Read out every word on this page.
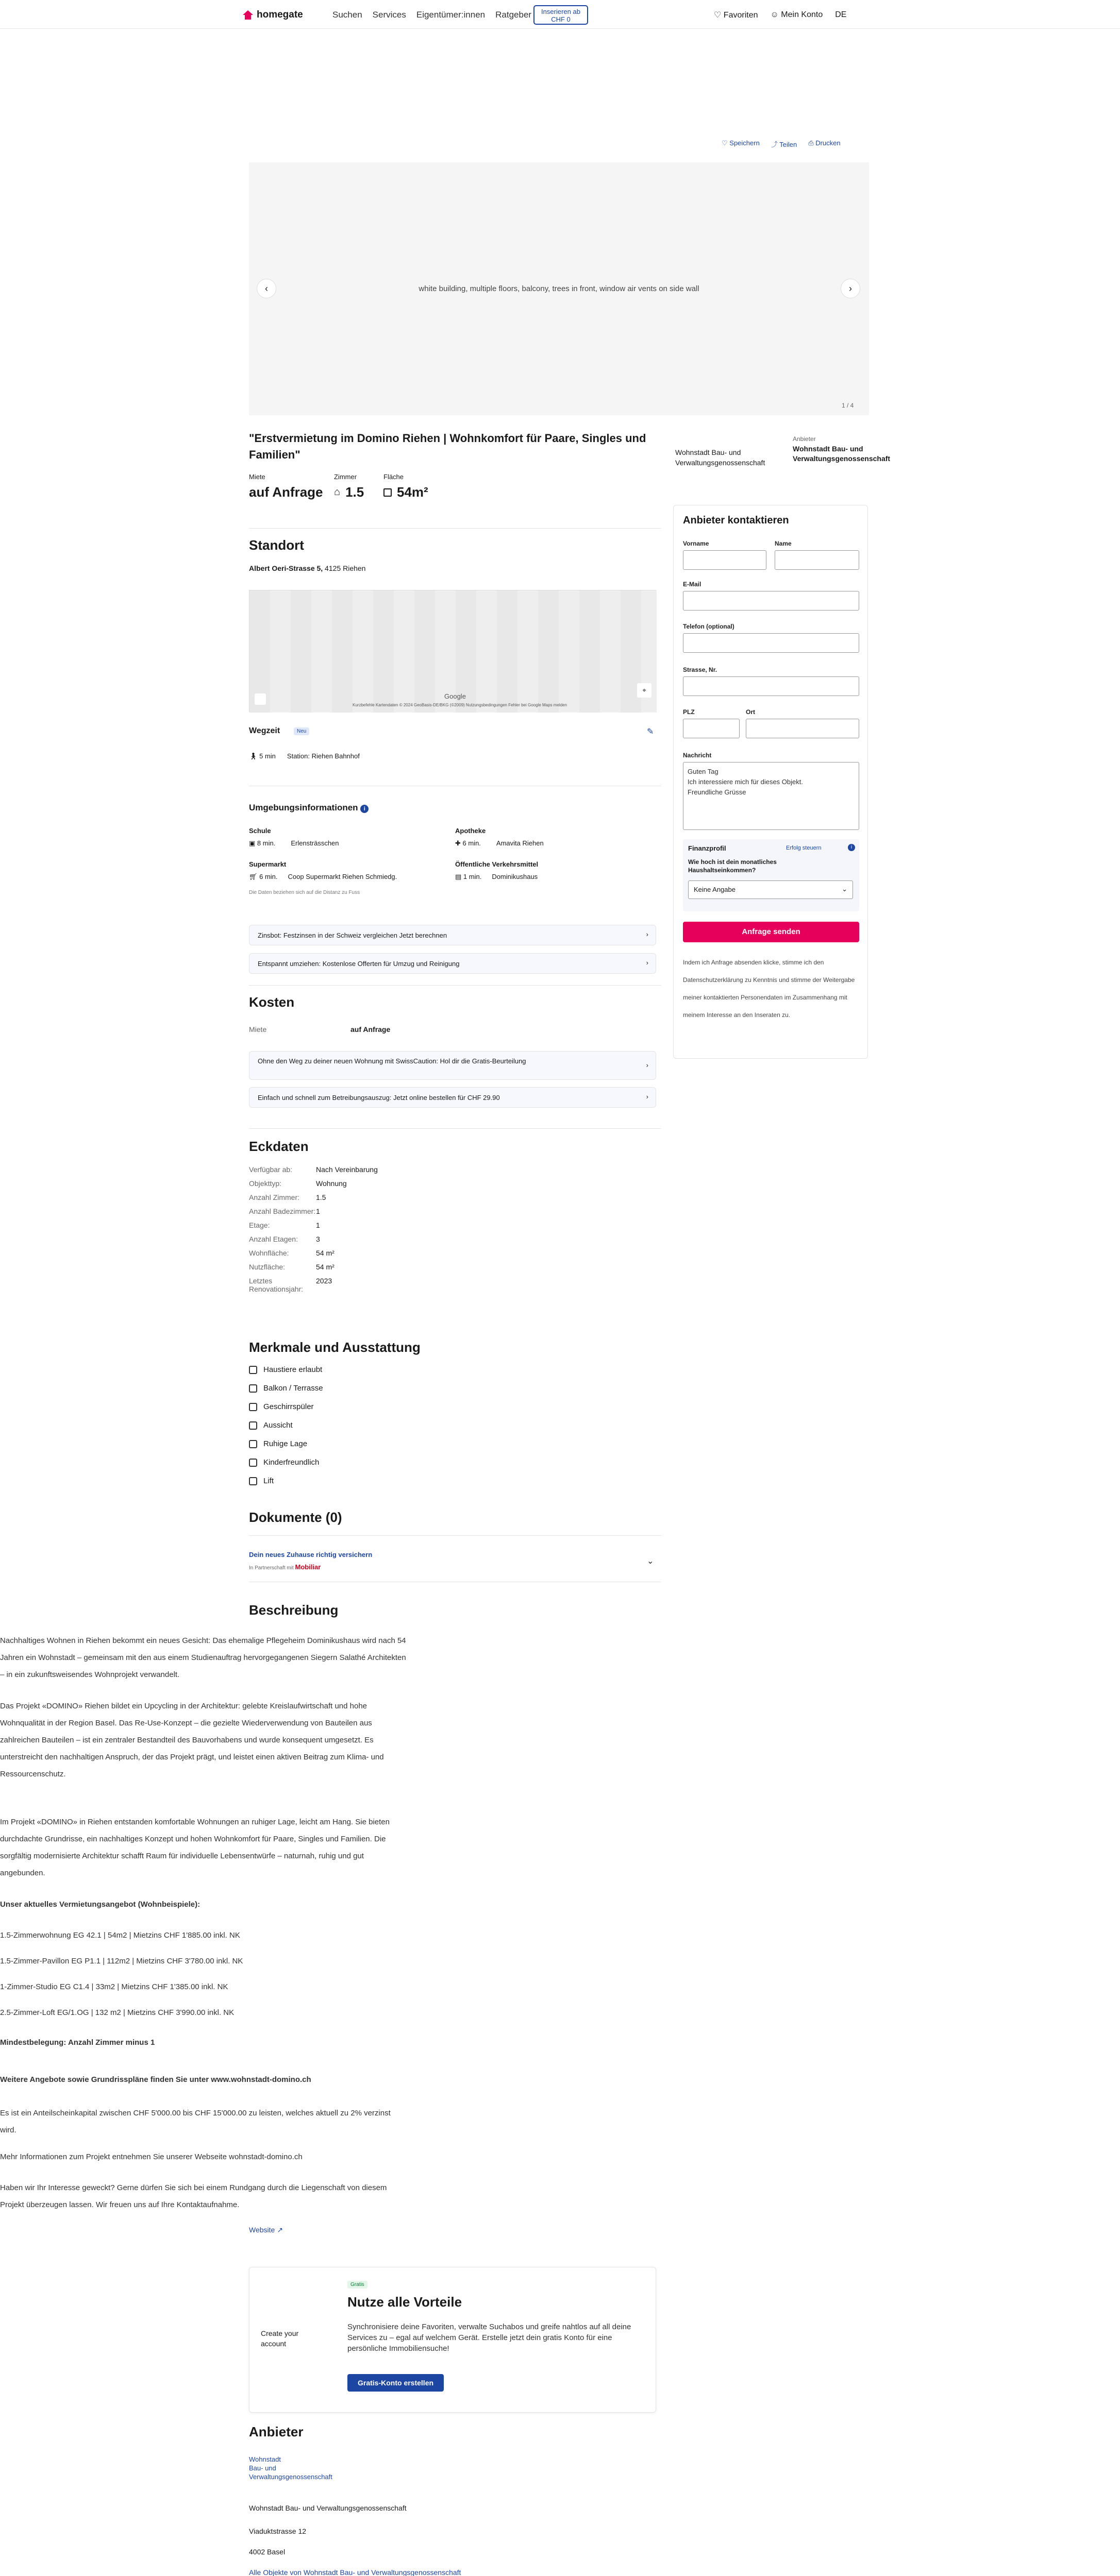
homegate	Suchen Services Eigentümer:innen Ratgeber	Inserieren ab CHF 0	♡ Favoriten ☺ Mein Konto DE
♡ Speichern ⤴ Teilen ⎙ Drucken
white building, multiple floors, balcony, trees in front, window air vents on side wall
‹	›
1 / 4
"Erstvermietung im Domino Riehen | Wohnkomfort für Paare, Singles und Familien"
Miete
auf Anfrage
Zimmer
⌂ 1.5
Fläche
54m²
Wohnstadt Bau- und Verwaltungsgenossenschaft
Anbieter
Wohnstadt Bau- und Verwaltungsgenossenschaft
Anbieter kontaktieren
Vorname	Name
E-Mail
Telefon (optional)
Strasse, Nr.
PLZ	Ort
Nachricht
Guten Tag
Ich interessiere mich für dieses Objekt.
Freundliche Grüsse
Finanzprofil	Erfolg steuern	i
Wie hoch ist dein monatliches Haushaltseinkommen?
Keine Angabe	⌄
Anfrage senden
Indem ich Anfrage absenden klicke, stimme ich den Datenschutzerklärung zu Kenntnis und stimme der Weitergabe meiner kontaktierten Personendaten im Zusammenhang mit meinem Interesse an den Inseraten zu.
Standort
Albert Oeri-Strasse 5, 4125 Riehen
Google
Kurzbefehle Kartendaten © 2024 GeoBasis-DE/BKG (©2009) Nutzungsbedingungen Fehler bei Google Maps melden
⌖
Wegzeit	Neu	✎
🚶︎ 5 min Station: Riehen Bahnhof
Umgebungsinformationen i
Schule
▣ 8 min. Erlensträsschen
Apotheke
✚ 6 min. Amavita Riehen
Supermarkt
🛒︎ 6 min. Coop Supermarkt Riehen Schmiedg.
Öffentliche Verkehrsmittel
▤ 1 min. Dominikushaus
Die Daten beziehen sich auf die Distanz zu Fuss
Zinsbot: Festzinsen in der Schweiz vergleichen Jetzt berechnen	›
Entspannt umziehen: Kostenlose Offerten für Umzug und Reinigung	›
Kosten
Miete	auf Anfrage
Ohne den Weg zu deiner neuen Wohnung mit SwissCaution: Hol dir die Gratis-Beurteilung
›
Einfach und schnell zum Betreibungsauszug: Jetzt online bestellen für CHF 29.90	›
Eckdaten
Verfügbar ab:	Nach Vereinbarung
Objekttyp:	Wohnung
Anzahl Zimmer:	1.5
Anzahl Badezimmer: 1
Etage:	1
Anzahl Etagen:	3
Wohnfläche:	54 m²
Nutzfläche:	54 m²
Letztes Renovationsjahr:
2023
Merkmale und Ausstattung
Haustiere erlaubt
Balkon / Terrasse
Geschirrspüler
Aussicht
Ruhige Lage
Kinderfreundlich
Lift
Dokumente (0)
Dein neues Zuhause richtig versichern
In Partnerschaft mit Mobiliar
⌄
Beschreibung
Nachhaltiges Wohnen in Riehen bekommt ein neues Gesicht: Das ehemalige Pflegeheim Dominikushaus wird nach 54 Jahren ein Wohnstadt – gemeinsam mit den aus einem Studienauftrag hervorgegangenen Siegern Salathé Architekten – in ein zukunftsweisendes Wohnprojekt verwandelt.
Das Projekt «DOMINO» Riehen bildet ein Upcycling in der Architektur: gelebte Kreislaufwirtschaft und hohe Wohnqualität in der Region Basel. Das Re-Use-Konzept – die gezielte Wiederverwendung von Bauteilen aus zahlreichen Bauteilen – ist ein zentraler Bestandteil des Bauvorhabens und wurde konsequent umgesetzt. Es unterstreicht den nachhaltigen Anspruch, der das Projekt prägt, und leistet einen aktiven Beitrag zum Klima- und Ressourcenschutz.
Im Projekt «DOMINO» in Riehen entstanden komfortable Wohnungen an ruhiger Lage, leicht am Hang. Sie bieten durchdachte Grundrisse, ein nachhaltiges Konzept und hohen Wohnkomfort für Paare, Singles und Familien. Die sorgfältig modernisierte Architektur schafft Raum für individuelle Lebensentwürfe – naturnah, ruhig und gut angebunden.
Unser aktuelles Vermietungsangebot (Wohnbeispiele):
1.5-Zimmerwohnung EG 42.1 | 54m2 | Mietzins CHF 1'885.00 inkl. NK
1.5-Zimmer-Pavillon EG P1.1 | 112m2 | Mietzins CHF 3'780.00 inkl. NK
1-Zimmer-Studio EG C1.4 | 33m2 | Mietzins CHF 1'385.00 inkl. NK
2.5-Zimmer-Loft EG/1.OG | 132 m2 | Mietzins CHF 3'990.00 inkl. NK
Mindestbelegung: Anzahl Zimmer minus 1
Weitere Angebote sowie Grundrisspläne finden Sie unter www.wohnstadt-domino.ch
Es ist ein Anteilscheinkapital zwischen CHF 5'000.00 bis CHF 15'000.00 zu leisten, welches aktuell zu 2% verzinst wird.
Mehr Informationen zum Projekt entnehmen Sie unserer Webseite wohnstadt-domino.ch
Haben wir Ihr Interesse geweckt? Gerne dürfen Sie sich bei einem Rundgang durch die Liegenschaft von diesem Projekt überzeugen lassen. Wir freuen uns auf Ihre Kontaktaufnahme.
Website ↗
Create your account
Gratis
Nutze alle Vorteile
Synchronisiere deine Favoriten, verwalte Suchabos und greife nahtlos auf all deine Services zu – egal auf welchem Gerät. Erstelle jetzt dein gratis Konto für eine persönliche Immobiliensuche!
Gratis-Konto erstellen
Anbieter
Wohnstadt
Bau- und
Verwaltungsgenossenschaft
Wohnstadt Bau- und Verwaltungsgenossenschaft
Viaduktstrasse 12
4002 Basel
Alle Objekte von Wohnstadt Bau- und Verwaltungsgenossenschaft
